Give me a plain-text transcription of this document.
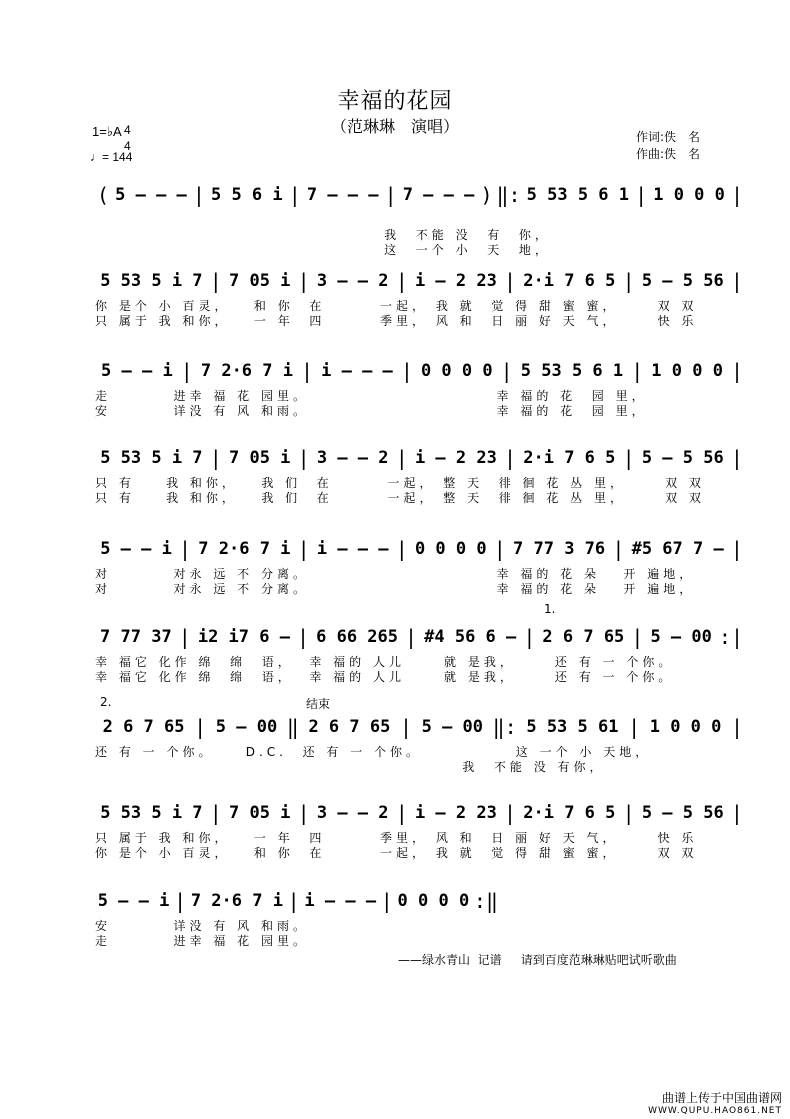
幸福的花园
（范琳琳　演唱）
作词:佚　名
作曲:佚　名
1=♭A 4
4
♩= 144
( 5 – – – | 5 5 6 i | 7 – – – | 7 – – – ) ‖: 5 53 5 6 1 | 1 0 0 0 |
我  不能 没  有  你，
这  一个 小  天  地，
5 53 5 i 7 | 7 05 i | 3 – – 2 | i – 2 23 | 2·i 7 6 5 | 5 – 5 56 |
你 是个 小 百灵，   和 你  在       一起， 我 就  觉 得 甜 蜜 蜜，     双 双
只 属于 我 和你，   一 年  四       季里， 风 和  日 丽 好 天 气，     快 乐
5 – – i | 7 2·6 7 i | i – – – | 0 0 0 0 | 5 53 5 6 1 | 1 0 0 0 |
走        进幸 福 花 园里。                        幸 福的 花  园 里，
安        详没 有 风 和雨。                        幸 福的 花  园 里，
5 53 5 i 7 | 7 05 i | 3 – – 2 | i – 2 23 | 2·i 7 6 5 | 5 – 5 56 |
只 有    我 和你，   我 们  在       一起， 整 天  徘 徊 花 丛 里，     双 双
只 有    我 和你，   我 们  在       一起， 整 天  徘 徊 花 丛 里，     双 双
5 – – i | 7 2·6 7 i | i – – – | 0 0 0 0 | 7 77 3 76 | #5 67 7 – |
对        对永 远 不 分离。                        幸 福的 花 朵   开 遍地，
对        对永 远 不 分离。                        幸 福的 花 朵   开 遍地，
7 77 37 | i2 i7 6 – | 6 66 265 | #4 56 6 – | 2 6 7 65 | 5 – 00 :|
幸 福它 化作 绵  绵  语，  幸 福的 人儿     就 是我，     还 有 一 个你。
幸 福它 化作 绵  绵  语，  幸 福的 人儿     就 是我，     还 有 一 个你。
2 6 7 65 | 5 – 00 ‖ 2 6 7 65 | 5 – 00 ‖: 5 53 5 61 | 1 0 0 0 |
还 有 一 个你。    D.C.  还 有 一 个你。            这 一个 小 天地，
我  不能 没 有你，
5 53 5 i 7 | 7 05 i | 3 – – 2 | i – 2 23 | 2·i 7 6 5 | 5 – 5 56 |
只 属于 我 和你，   一 年  四       季里， 风 和  日 丽 好 天 气，     快 乐
你 是个 小 百灵，   和 你  在       一起， 我 就  觉 得 甜 蜜 蜜，     双 双
5 – – i | 7 2·6 7 i | i – – – | 0 0 0 0 :‖
安        详没 有 风 和雨。
走        进幸 福 花 园里。
1.
2.	结束
——绿水青山  记谱     请到百度范琳琳贴吧试听歌曲
曲谱上传于中国曲谱网
WWW.QUPU.HAO861.NET
